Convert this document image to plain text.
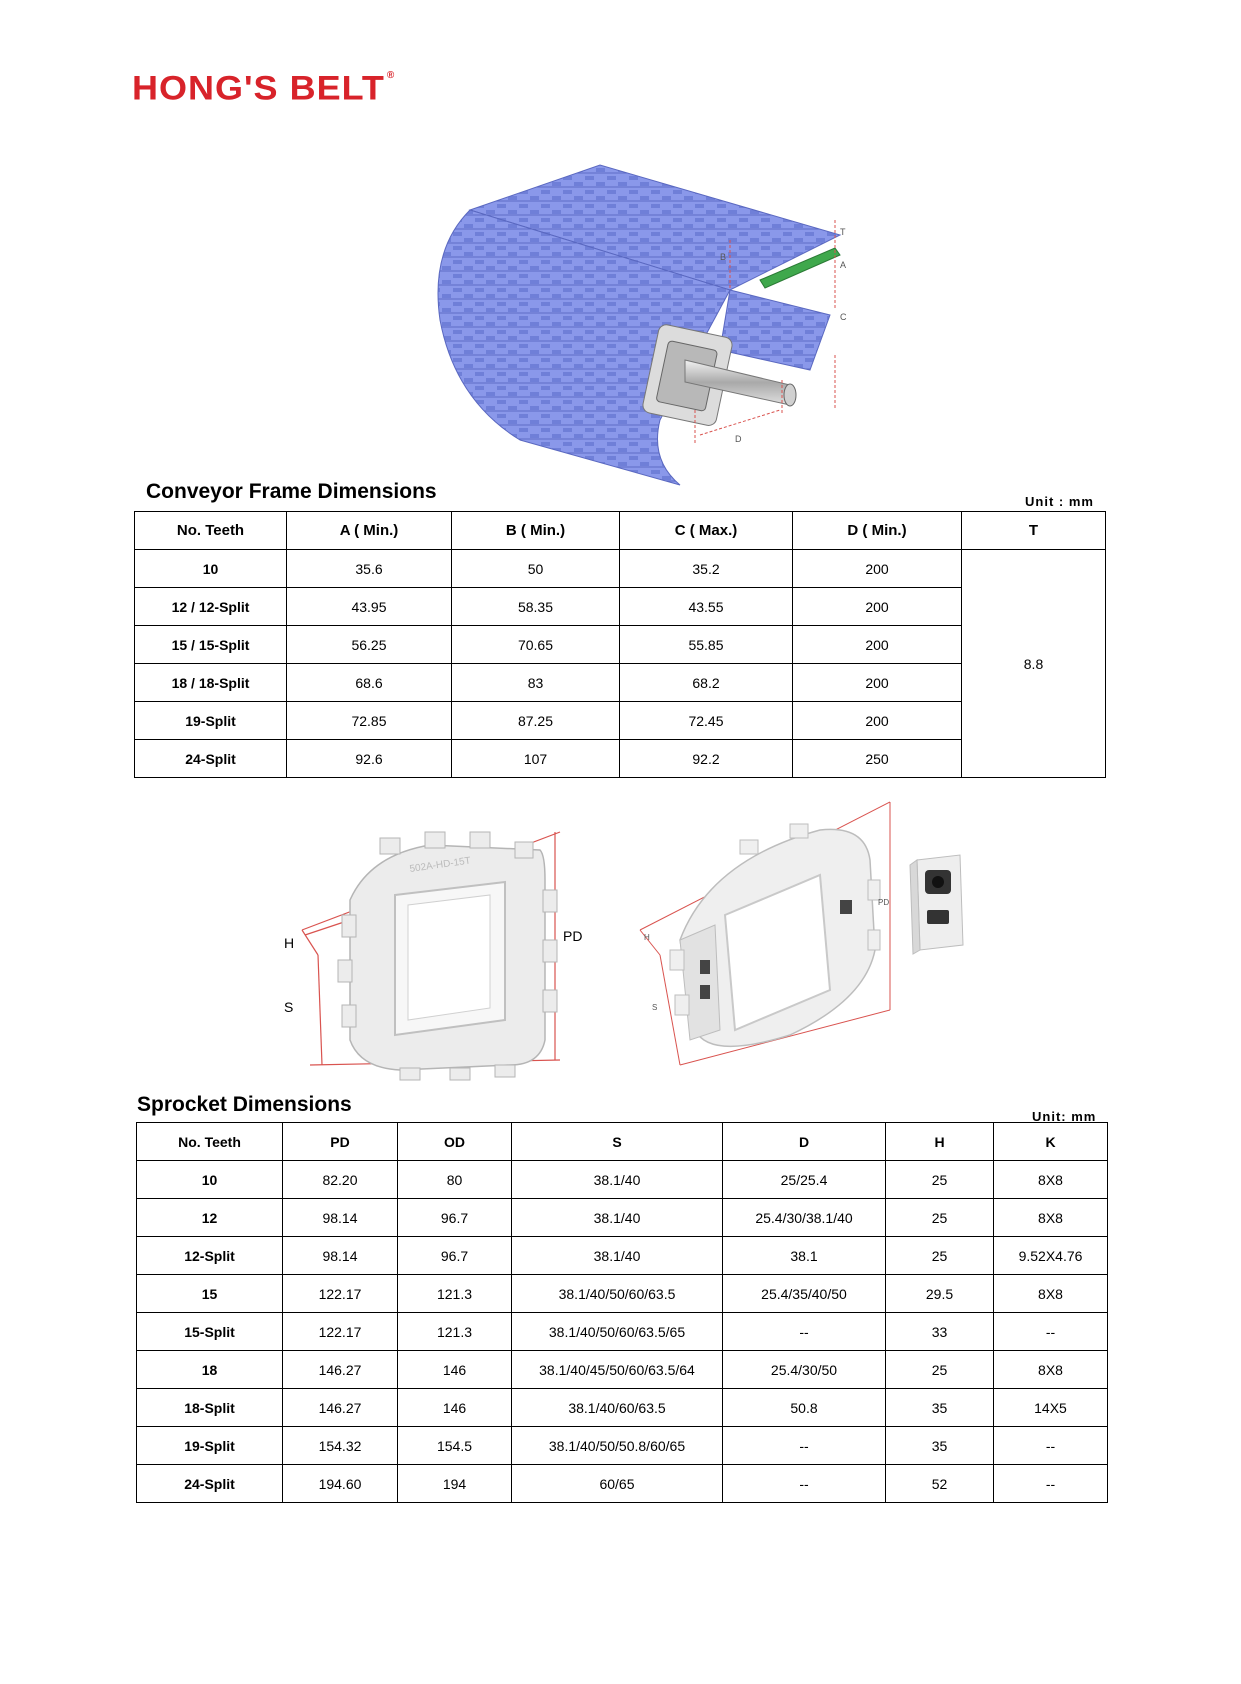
HONG'S BELT ®
T
A
B
C
D
Conveyor Frame Dimensions	Unit : mm
No. Teeth	A ( Min.)	B ( Min.)	C ( Max.)	D ( Min.)	T
10	35.6	50	35.2	200	8.8
12 / 12-Split	43.95	58.35	43.55	200	
15 / 15-Split	56.25	70.65	55.85	200	
18 / 18-Split	68.6	83	68.2	200	
19-Split	72.85	87.25	72.45	200	
24-Split	92.6	107	92.2	250	
502A-HD-15T
H
S
PD
PD
H
S
Sprocket Dimensions
Unit: mm
No. Teeth	PD	OD	S	D	H	K
10	82.20	80	38.1/40	25/25.4	25	8X8
12	98.14	96.7	38.1/40	25.4/30/38.1/40	25	8X8
12-Split	98.14	96.7	38.1/40	38.1	25	9.52X4.76
15	122.17	121.3	38.1/40/50/60/63.5	25.4/35/40/50	29.5	8X8
15-Split	122.17	121.3	38.1/40/50/60/63.5/65	--	33	--
18	146.27	146	38.1/40/45/50/60/63.5/64	25.4/30/50	25	8X8
18-Split	146.27	146	38.1/40/60/63.5	50.8	35	14X5
19-Split	154.32	154.5	38.1/40/50/50.8/60/65	--	35	--
24-Split	194.60	194	60/65	--	52	--
